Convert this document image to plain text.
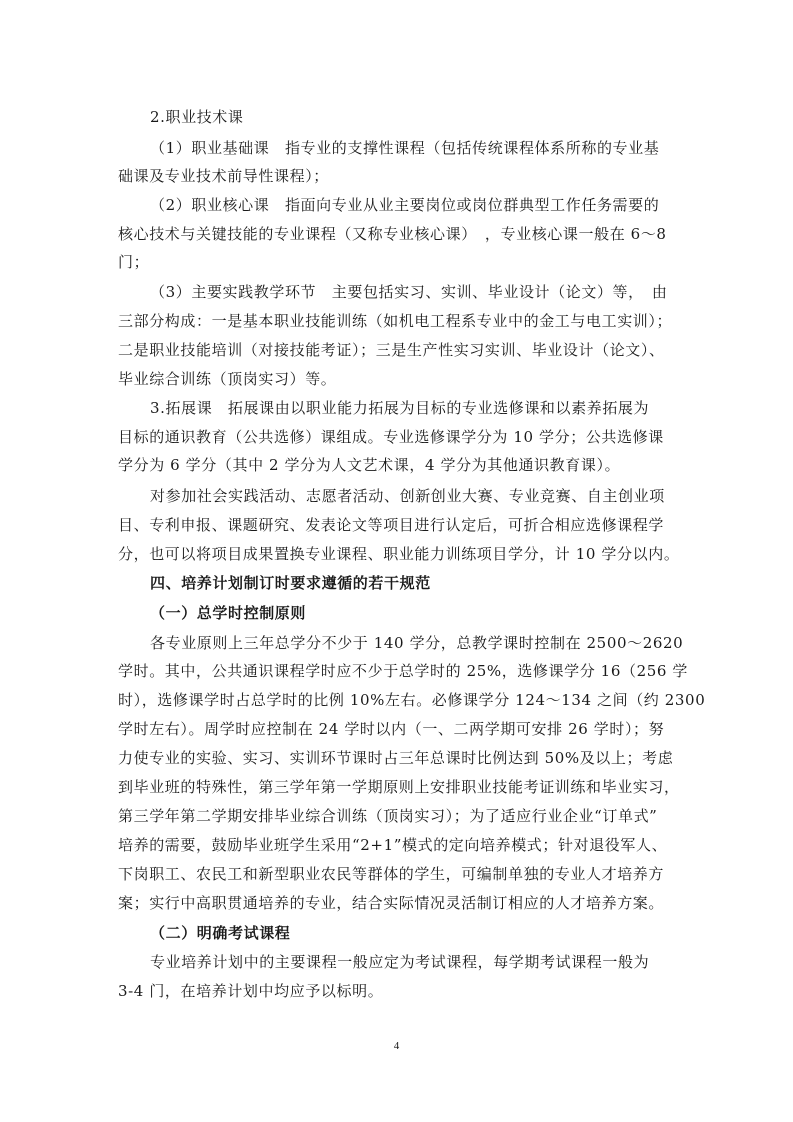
2.职业技术课
（1）职业基础课　指专业的支撑性课程（包括传统课程体系所称的专业基
础课及专业技术前导性课程）；
（2）职业核心课　指面向专业从业主要岗位或岗位群典型工作任务需要的
核心技术与关键技能的专业课程（又称专业核心课）　，专业核心课一般在 6～8
门；
（3）主要实践教学环节　主要包括实习、实训、毕业设计（论文）等，　由
三部分构成：一是基本职业技能训练（如机电工程系专业中的金工与电工实训）；
二是职业技能培训（对接技能考证）；三是生产性实习实训、毕业设计（论文）、
毕业综合训练（顶岗实习）等。
3.拓展课　拓展课由以职业能力拓展为目标的专业选修课和以素养拓展为
目标的通识教育（公共选修）课组成。专业选修课学分为 10 学分；公共选修课
学分为 6 学分（其中 2 学分为人文艺术课，4 学分为其他通识教育课）。
对参加社会实践活动、志愿者活动、创新创业大赛、专业竞赛、自主创业项
目、专利申报、课题研究、发表论文等项目进行认定后，可折合相应选修课程学
分，也可以将项目成果置换专业课程、职业能力训练项目学分，计 10 学分以内。
四、培养计划制订时要求遵循的若干规范
（一）总学时控制原则
各专业原则上三年总学分不少于 140 学分，总教学课时控制在 2500～2620
学时。其中，公共通识课程学时应不少于总学时的 25%，选修课学分 16（256 学
时），选修课学时占总学时的比例 10%左右。必修课学分 124～134 之间（约 2300
学时左右）。周学时应控制在 24 学时以内（一、二两学期可安排 26 学时）；努
力使专业的实验、实习、实训环节课时占三年总课时比例达到 50%及以上；考虑
到毕业班的特殊性，第三学年第一学期原则上安排职业技能考证训练和毕业实习，
第三学年第二学期安排毕业综合训练（顶岗实习）；为了适应行业企业“订单式”
培养的需要，鼓励毕业班学生采用“2+1”模式的定向培养模式；针对退役军人、
下岗职工、农民工和新型职业农民等群体的学生，可编制单独的专业人才培养方
案；实行中高职贯通培养的专业，结合实际情况灵活制订相应的人才培养方案。
（二）明确考试课程
专业培养计划中的主要课程一般应定为考试课程，每学期考试课程一般为
3-4 门，在培养计划中均应予以标明。
4
